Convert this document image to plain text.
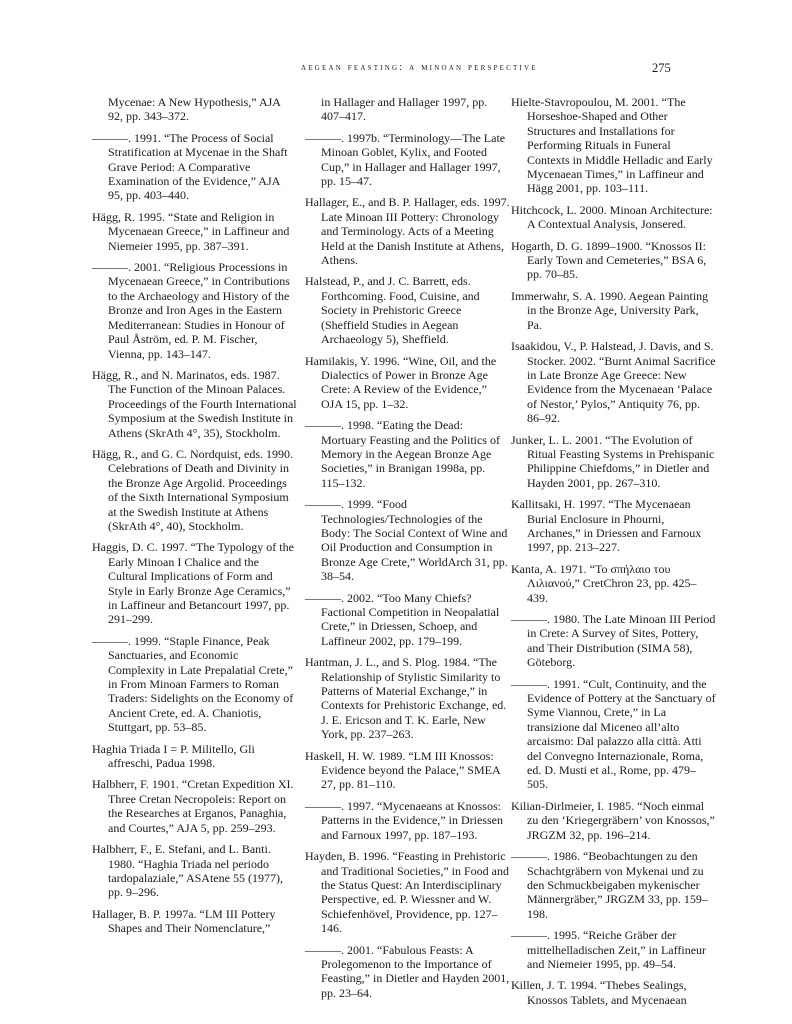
aegean feasting: a minoan perspective	275

Mycenae: A New Hypothesis,” AJA 92, pp. 343–372.

———. 1991. “The Process of Social Stratification at Mycenae in the Shaft Grave Period: A Comparative Examination of the Evidence,” AJA 95, pp. 403–440.

Hägg, R. 1995. “State and Religion in Mycenaean Greece,” in Laffineur and Niemeier 1995, pp. 387–391.

———. 2001. “Religious Processions in Mycenaean Greece,” in Contributions to the Archaeology and History of the Bronze and Iron Ages in the Eastern Mediterranean: Studies in Honour of Paul Åström, ed. P. M. Fischer, Vienna, pp. 143–147.

Hägg, R., and N. Marinatos, eds. 1987. The Function of the Minoan Palaces. Proceedings of the Fourth International Symposium at the Swedish Institute in Athens (SkrAth 4°, 35), Stockholm.

Hägg, R., and G. C. Nordquist, eds. 1990. Celebrations of Death and Divinity in the Bronze Age Argolid. Proceedings of the Sixth International Symposium at the Swedish Institute at Athens (SkrAth 4°, 40), Stockholm.

Haggis, D. C. 1997. “The Typology of the Early Minoan I Chalice and the Cultural Implications of Form and Style in Early Bronze Age Ceramics,” in Laffineur and Betancourt 1997, pp. 291–299.

———. 1999. “Staple Finance, Peak Sanctuaries, and Economic Complexity in Late Prepalatial Crete,” in From Minoan Farmers to Roman Traders: Sidelights on the Economy of Ancient Crete, ed. A. Chaniotis, Stuttgart, pp. 53–85.

Haghia Triada I = P. Militello, Gli affreschi, Padua 1998.

Halbherr, F. 1901. “Cretan Expedition XI. Three Cretan Necropoleis: Report on the Researches at Erganos, Panaghia, and Courtes,” AJA 5, pp. 259–293.

Halbherr, F., E. Stefani, and L. Banti. 1980. “Haghia Triada nel periodo tardopalaziale,” ASAtene 55 (1977), pp. 9–296.

Hallager, B. P. 1997a. “LM III Pottery Shapes and Their Nomenclature,”

in Hallager and Hallager 1997, pp. 407–417.

———. 1997b. “Terminology—The Late Minoan Goblet, Kylix, and Footed Cup,” in Hallager and Hallager 1997, pp. 15–47.

Hallager, E., and B. P. Hallager, eds. 1997. Late Minoan III Pottery: Chronology and Terminology. Acts of a Meeting Held at the Danish Institute at Athens, Athens.

Halstead, P., and J. C. Barrett, eds. Forthcoming. Food, Cuisine, and Society in Prehistoric Greece (Sheffield Studies in Aegean Archaeology 5), Sheffield.

Hamilakis, Y. 1996. “Wine, Oil, and the Dialectics of Power in Bronze Age Crete: A Review of the Evidence,” OJA 15, pp. 1–32.

———. 1998. “Eating the Dead: Mortuary Feasting and the Politics of Memory in the Aegean Bronze Age Societies,” in Branigan 1998a, pp. 115–132.

———. 1999. “Food Technologies/Technologies of the Body: The Social Context of Wine and Oil Production and Consumption in Bronze Age Crete,” WorldArch 31, pp. 38–54.

———. 2002. “Too Many Chiefs? Factional Competition in Neopalatial Crete,” in Driessen, Schoep, and Laffineur 2002, pp. 179–199.

Hantman, J. L., and S. Plog. 1984. “The Relationship of Stylistic Similarity to Patterns of Material Exchange,” in Contexts for Prehistoric Exchange, ed. J. E. Ericson and T. K. Earle, New York, pp. 237–263.

Haskell, H. W. 1989. “LM III Knossos: Evidence beyond the Palace,” SMEA 27, pp. 81–110.

———. 1997. “Mycenaeans at Knossos: Patterns in the Evidence,” in Driessen and Farnoux 1997, pp. 187–193.

Hayden, B. 1996. “Feasting in Prehistoric and Traditional Societies,” in Food and the Status Quest: An Interdisciplinary Perspective, ed. P. Wiessner and W. Schiefenhövel, Providence, pp. 127–146.

———. 2001. “Fabulous Feasts: A Prolegomenon to the Importance of Feasting,” in Dietler and Hayden 2001, pp. 23–64.

Hielte-Stavropoulou, M. 2001. “The Horseshoe-Shaped and Other Structures and Installations for Performing Rituals in Funeral Contexts in Middle Helladic and Early Mycenaean Times,” in Laffineur and Hägg 2001, pp. 103–111.

Hitchcock, L. 2000. Minoan Architecture: A Contextual Analysis, Jonsered.

Hogarth, D. G. 1899–1900. “Knossos II: Early Town and Cemeteries,” BSA 6, pp. 70–85.

Immerwahr, S. A. 1990. Aegean Painting in the Bronze Age, University Park, Pa.

Isaakidou, V., P. Halstead, J. Davis, and S. Stocker. 2002. “Burnt Animal Sacrifice in Late Bronze Age Greece: New Evidence from the Mycenaean ‘Palace of Nestor,’ Pylos,” Antiquity 76, pp. 86–92.

Junker, L. L. 2001. “The Evolution of Ritual Feasting Systems in Prehispanic Philippine Chiefdoms,” in Dietler and Hayden 2001, pp. 267–310.

Kallitsaki, H. 1997. “The Mycenaean Burial Enclosure in Phourni, Archanes,” in Driessen and Farnoux 1997, pp. 213–227.

Kanta, A. 1971. “Το σπήλαιο του Λιλιανού,” CretChron 23, pp. 425–439.

———. 1980. The Late Minoan III Period in Crete: A Survey of Sites, Pottery, and Their Distribution (SIMA 58), Göteborg.

———. 1991. “Cult, Continuity, and the Evidence of Pottery at the Sanctuary of Syme Viannou, Crete,” in La transizione dal Miceneo all’alto arcaismo: Dal palazzo alla città. Atti del Convegno Internazionale, Roma, ed. D. Musti et al., Rome, pp. 479–505.

Kilian-Dirlmeier, I. 1985. “Noch einmal zu den ‘Kriegergräbern’ von Knossos,” JRGZM 32, pp. 196–214.

———. 1986. “Beobachtungen zu den Schachtgräbern von Mykenai und zu den Schmuckbeigaben mykenischer Männergräber,” JRGZM 33, pp. 159–198.

———. 1995. “Reiche Gräber der mittelhelladischen Zeit,” in Laffineur and Niemeier 1995, pp. 49–54.

Killen, J. T. 1994. “Thebes Sealings, Knossos Tablets, and Mycenaean
